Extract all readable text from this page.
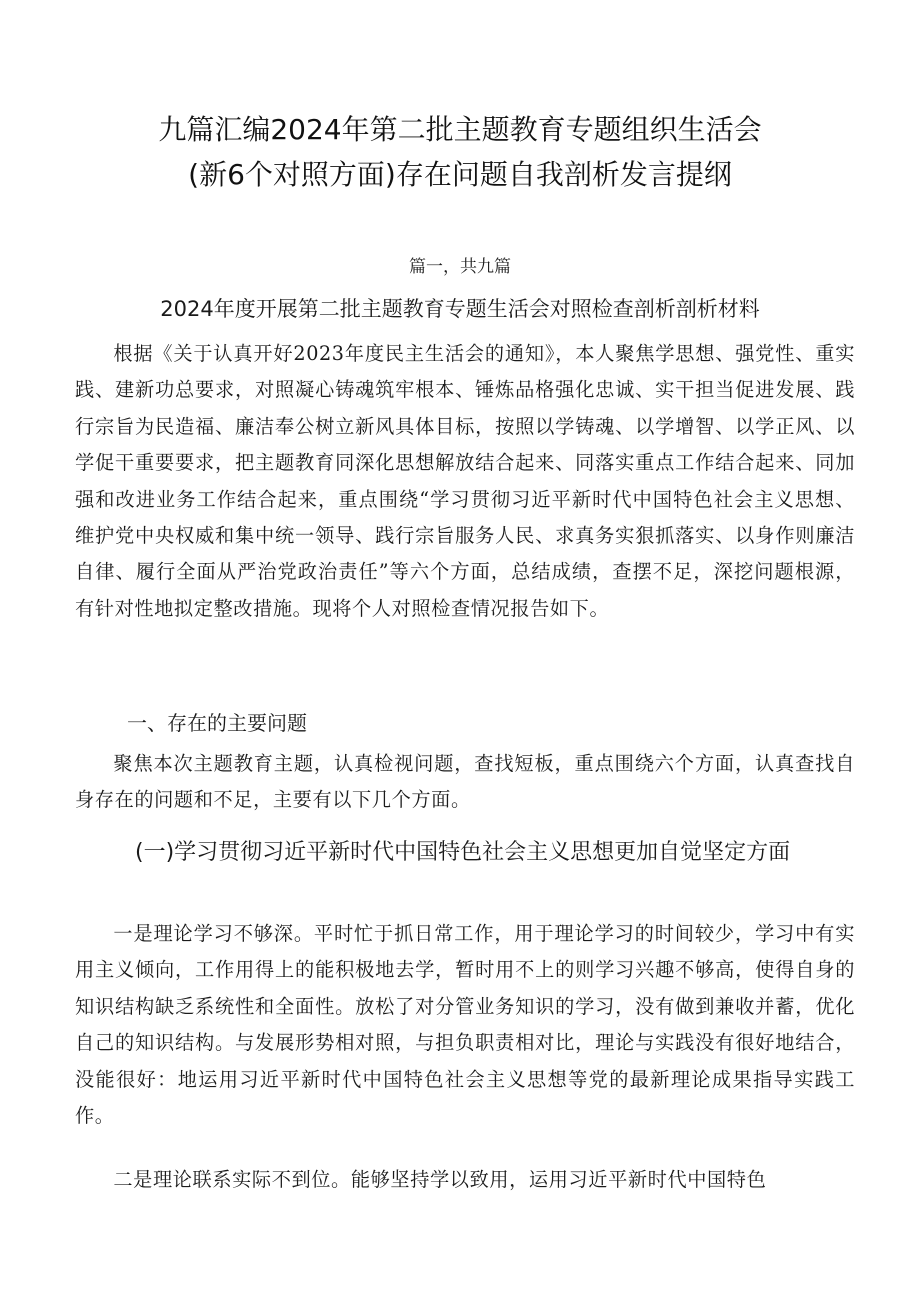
九篇汇编2024年第二批主题教育专题组织生活会
(新6个对照方面)存在问题自我剖析发言提纲
篇一，共九篇
2024年度开展第二批主题教育专题生活会对照检查剖析剖析材料

根据《关于认真开好2023年度民主生活会的通知》，本人聚焦学思想、强党性、重实践、建新功总要求，对照凝心铸魂筑牢根本、锤炼品格强化忠诚、实干担当促进发展、践行宗旨为民造福、廉洁奉公树立新风具体目标，按照以学铸魂、以学增智、以学正风、以学促干重要要求，把主题教育同深化思想解放结合起来、同落实重点工作结合起来、同加强和改进业务工作结合起来，重点围绕“学习贯彻习近平新时代中国特色社会主义思想、维护党中央权威和集中统一领导、践行宗旨服务人民、求真务实狠抓落实、以身作则廉洁自律、履行全面从严治党政治责任”等六个方面，总结成绩，查摆不足，深挖问题根源，有针对性地拟定整改措施。现将个人对照检查情况报告如下。

一、存在的主要问题

聚焦本次主题教育主题，认真检视问题，查找短板，重点围绕六个方面，认真查找自身存在的问题和不足，主要有以下几个方面。

(一)学习贯彻习近平新时代中国特色社会主义思想更加自觉坚定方面

一是理论学习不够深。平时忙于抓日常工作，用于理论学习的时间较少，学习中有实用主义倾向，工作用得上的能积极地去学，暂时用不上的则学习兴趣不够高，使得自身的知识结构缺乏系统性和全面性。放松了对分管业务知识的学习，没有做到兼收并蓄，优化自己的知识结构。与发展形势相对照，与担负职责相对比，理论与实践没有很好地结合，没能很好：地运用习近平新时代中国特色社会主义思想等党的最新理论成果指导实践工作。

二是理论联系实际不到位。能够坚持学以致用，运用习近平新时代中国特色
